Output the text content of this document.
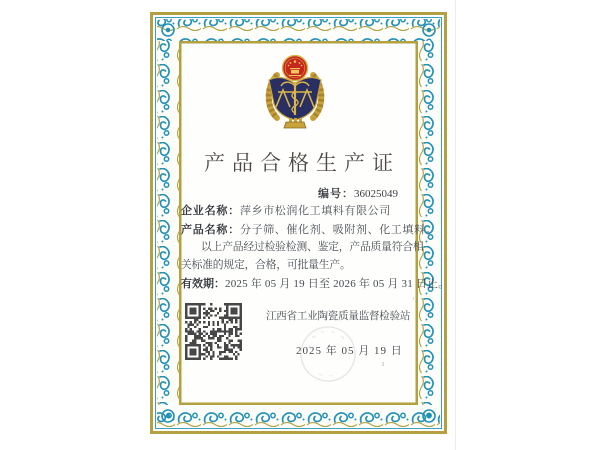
产品合格生产证
编号：36025049
企业名称：萍乡市松润化工填料有限公司
产品名称：分子筛、催化剂、吸附剂、化工填料。
以上产品经过检验检测、鉴定，产品质量符合相
关标准的规定，合格，可批量生产。
有效期：2025 年 05 月 19 日至 2026 年 05 月 31 日止。
江西省工业陶瓷质量监督检验站
2025 年 05 月 19 日
’
ı
